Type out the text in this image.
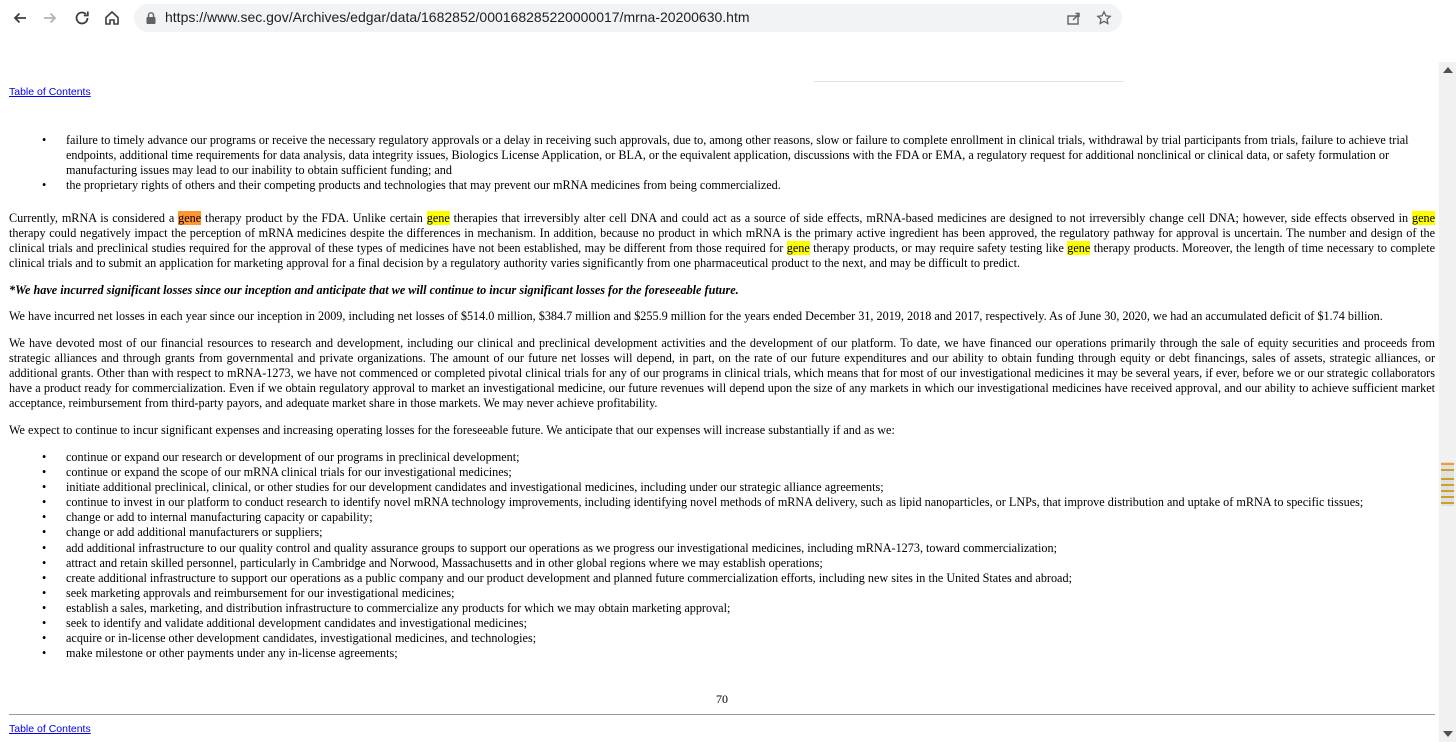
https://www.sec.gov/Archives/edgar/data/1682852/000168285220000017/mrna-20200630.htm
Table of Contents
• failure to timely advance our programs or receive the necessary regulatory approvals or a delay in receiving such approvals, due to, among other reasons, slow or failure to complete enrollment in clinical trials, withdrawal by trial participants from trials, failure to achieve trial endpoints, additional time requirements for data analysis, data integrity issues, Biologics License Application, or BLA, or the equivalent application, discussions with the FDA or EMA, a regulatory request for additional nonclinical or clinical data, or safety formulation or manufacturing issues may lead to our inability to obtain sufficient funding; and
• the proprietary rights of others and their competing products and technologies that may prevent our mRNA medicines from being commercialized.

Currently, mRNA is considered a gene therapy product by the FDA. Unlike certain gene therapies that irreversibly alter cell DNA and could act as a source of side effects, mRNA-based medicines are designed to not irreversibly change cell DNA; however, side effects observed in gene therapy could negatively impact the perception of mRNA medicines despite the differences in mechanism. In addition, because no product in which mRNA is the primary active ingredient has been approved, the regulatory pathway for approval is uncertain. The number and design of the clinical trials and preclinical studies required for the approval of these types of medicines have not been established, may be different from those required for gene therapy products, or may require safety testing like gene therapy products. Moreover, the length of time necessary to complete clinical trials and to submit an application for marketing approval for a final decision by a regulatory authority varies significantly from one pharmaceutical product to the next, and may be difficult to predict.

*We have incurred significant losses since our inception and anticipate that we will continue to incur significant losses for the foreseeable future.

We have incurred net losses in each year since our inception in 2009, including net losses of $514.0 million, $384.7 million and $255.9 million for the years ended December 31, 2019, 2018 and 2017, respectively. As of June 30, 2020, we had an accumulated deficit of $1.74 billion.

We have devoted most of our financial resources to research and development, including our clinical and preclinical development activities and the development of our platform. To date, we have financed our operations primarily through the sale of equity securities and proceeds from strategic alliances and through grants from governmental and private organizations. The amount of our future net losses will depend, in part, on the rate of our future expenditures and our ability to obtain funding through equity or debt financings, sales of assets, strategic alliances, or additional grants. Other than with respect to mRNA-1273, we have not commenced or completed pivotal clinical trials for any of our programs in clinical trials, which means that for most of our investigational medicines it may be several years, if ever, before we or our strategic collaborators have a product ready for commercialization. Even if we obtain regulatory approval to market an investigational medicine, our future revenues will depend upon the size of any markets in which our investigational medicines have received approval, and our ability to achieve sufficient market acceptance, reimbursement from third-party payors, and adequate market share in those markets. We may never achieve profitability.

We expect to continue to incur significant expenses and increasing operating losses for the foreseeable future. We anticipate that our expenses will increase substantially if and as we:

• continue or expand our research or development of our programs in preclinical development;
• continue or expand the scope of our mRNA clinical trials for our investigational medicines;
• initiate additional preclinical, clinical, or other studies for our development candidates and investigational medicines, including under our strategic alliance agreements;
• continue to invest in our platform to conduct research to identify novel mRNA technology improvements, including identifying novel methods of mRNA delivery, such as lipid nanoparticles, or LNPs, that improve distribution and uptake of mRNA to specific tissues;
• change or add to internal manufacturing capacity or capability;
• change or add additional manufacturers or suppliers;
• add additional infrastructure to our quality control and quality assurance groups to support our operations as we progress our investigational medicines, including mRNA-1273, toward commercialization;
• attract and retain skilled personnel, particularly in Cambridge and Norwood, Massachusetts and in other global regions where we may establish operations;
• create additional infrastructure to support our operations as a public company and our product development and planned future commercialization efforts, including new sites in the United States and abroad;
• seek marketing approvals and reimbursement for our investigational medicines;
• establish a sales, marketing, and distribution infrastructure to commercialize any products for which we may obtain marketing approval;
• seek to identify and validate additional development candidates and investigational medicines;
• acquire or in-license other development candidates, investigational medicines, and technologies;
• make milestone or other payments under any in-license agreements;
70
Table of Contents
